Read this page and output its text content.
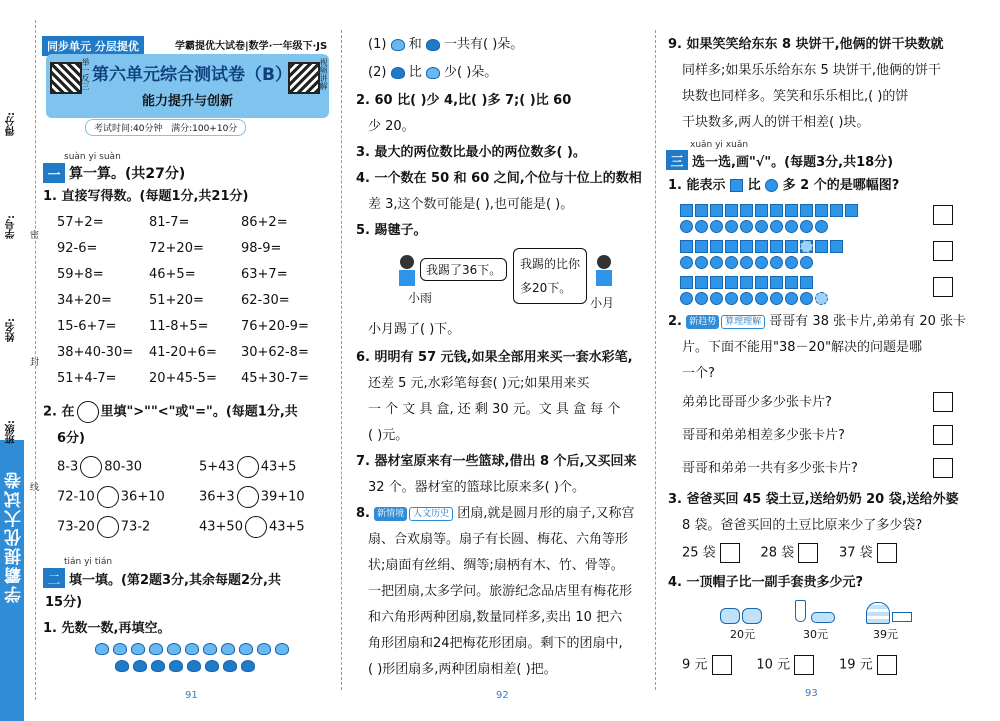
学霸提优大试卷
得分:
学号:
姓名:
班级:
密
封
线
同步单元 分层提优	学霸提优大试卷|数学·一年级下·JS
举一反三	视频讲解
第六单元综合测试卷（B）
能力提升与创新
考试时间:40分钟 满分:100+10分
suàn yi suàn
一 算一算。(共27分)
1. 直接写得数。(每题1分,共21分)
57+2=	81-7=	86+2=
92-6=	72+20=	98-9=
59+8=	46+5=	63+7=
34+20=	51+20=	62-30=
15-6+7= 11-8+5= 76+20-9=
38+40-30= 41-20+6= 30+62-8=
51+4-7= 20+45-5= 45+30-7=
2. 在 里填">""<"或"="。(每题1分,共
6分)
8-3 80-30	5+43 43+5
72-10 36+10	36+3 39+10
73-20 73-2	43+50 43+5
tián yi tián
二 填一填。(第2题3分,其余每题2分,共
15分)
1. 先数一数,再填空。
91
(1) 和 一共有( )朵。
(2) 比 少( )朵。
2. 60 比( )少 4,比( )多 7;( )比 60
少 20。
3. 最大的两位数比最小的两位数多( )。
4. 一个数在 50 和 60 之间,个位与十位上的数相
差 3,这个数可能是( ),也可能是( )。
5. 踢毽子。
我踢了36下。
小雨
我踢的比你
多20下。
小月
小月踢了( )下。
6. 明明有 57 元钱,如果全部用来买一套水彩笔,
还差 5 元,水彩笔每套( )元;如果用来买
一 个 文 具 盒, 还 剩 30 元。文 具 盒 每 个
( )元。
7. 器材室原来有一些篮球,借出 8 个后,又买回来
32 个。器材室的篮球比原来多( )个。
8. 新情境 人文历史 团扇,就是圆月形的扇子,又称宫
扇、合欢扇等。扇子有长圆、梅花、六角等形
状;扇面有丝绢、绸等;扇柄有木、竹、骨等。
一把团扇,太多学问。旅游纪念品店里有梅花形
和六角形两种团扇,数量同样多,卖出 10 把六
角形团扇和24把梅花形团扇。剩下的团扇中,
( )形团扇多,两种团扇相差( )把。
92
9. 如果笑笑给东东 8 块饼干,他俩的饼干块数就
同样多;如果乐乐给东东 5 块饼干,他俩的饼干
块数也同样多。笑笑和乐乐相比,( )的饼
干块数多,两人的饼干相差( )块。
xuǎn yi xuǎn
三 选一选,画"√"。(每题3分,共18分)
1. 能表示 比 多 2 个的是哪幅图?
2. 新趋势 算理理解 哥哥有 38 张卡片,弟弟有 20 张卡
片。下面不能用"38－20"解决的问题是哪
一个?
弟弟比哥哥少多少张卡片?
哥哥和弟弟相差多少张卡片?
哥哥和弟弟一共有多少张卡片?
3. 爸爸买回 45 袋土豆,送给奶奶 20 袋,送给外婆
8 袋。爸爸买回的土豆比原来少了多少袋?
25 袋	28 袋	37 袋
4. 一顶帽子比一副手套贵多少元?
20元	30元	39元
9 元	10 元	19 元
93
